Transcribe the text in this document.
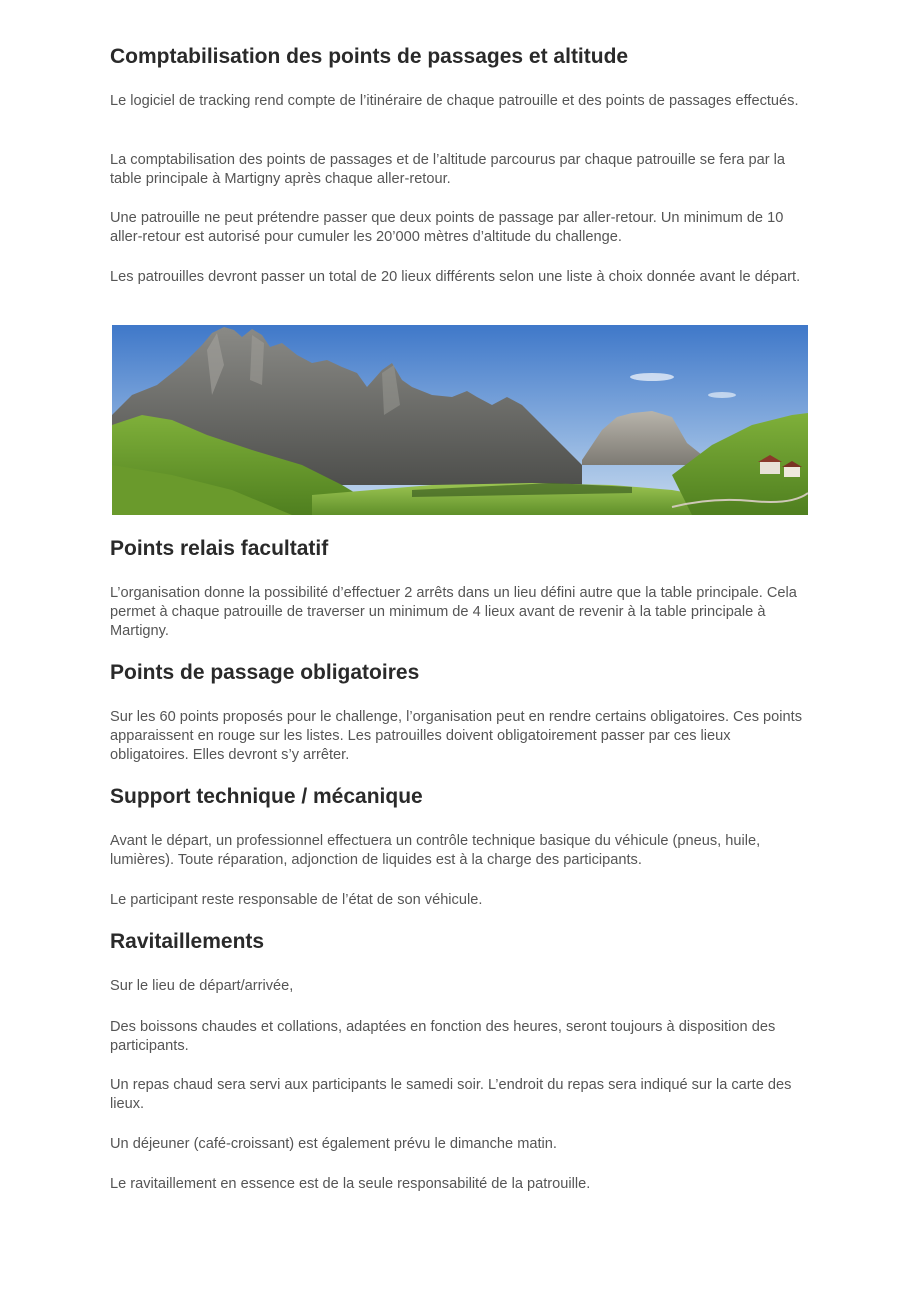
Comptabilisation des points de passages et altitude

Le logiciel de tracking rend compte de l’itinéraire de chaque patrouille et des points de passages effectués.

La comptabilisation des points de passages et de l’altitude parcourus par chaque patrouille se fera par la table principale à Martigny après chaque aller-retour.

Une patrouille ne peut prétendre passer que deux points de passage par aller-retour. Un minimum de 10 aller-retour est autorisé pour cumuler les 20’000 mètres d’altitude du challenge.

Les patrouilles devront passer un total de 20 lieux différents selon une liste à choix donnée avant le départ.

Points relais facultatif

L’organisation donne la possibilité d’effectuer 2 arrêts dans un lieu défini autre que la table principale. Cela permet à chaque patrouille de traverser un minimum de 4 lieux avant de revenir à la table principale à Martigny.

Points de passage obligatoires

Sur les 60 points proposés pour le challenge, l’organisation peut en rendre certains obligatoires. Ces points apparaissent en rouge sur les listes. Les patrouilles doivent obligatoirement passer par ces lieux obligatoires. Elles devront s’y arrêter.

Support technique / mécanique

Avant le départ, un professionnel effectuera un contrôle technique basique du véhicule (pneus, huile, lumières). Toute réparation, adjonction de liquides est à la charge des participants.

Le participant reste responsable de l’état de son véhicule.

Ravitaillements

Sur le lieu de départ/arrivée,

Des boissons chaudes et collations, adaptées en fonction des heures, seront toujours à disposition des participants.

Un repas chaud sera servi aux participants le samedi soir. L’endroit du repas sera indiqué sur la carte des lieux.

Un déjeuner (café-croissant) est également prévu le dimanche matin.

Le ravitaillement en essence est de la seule responsabilité de la patrouille.
